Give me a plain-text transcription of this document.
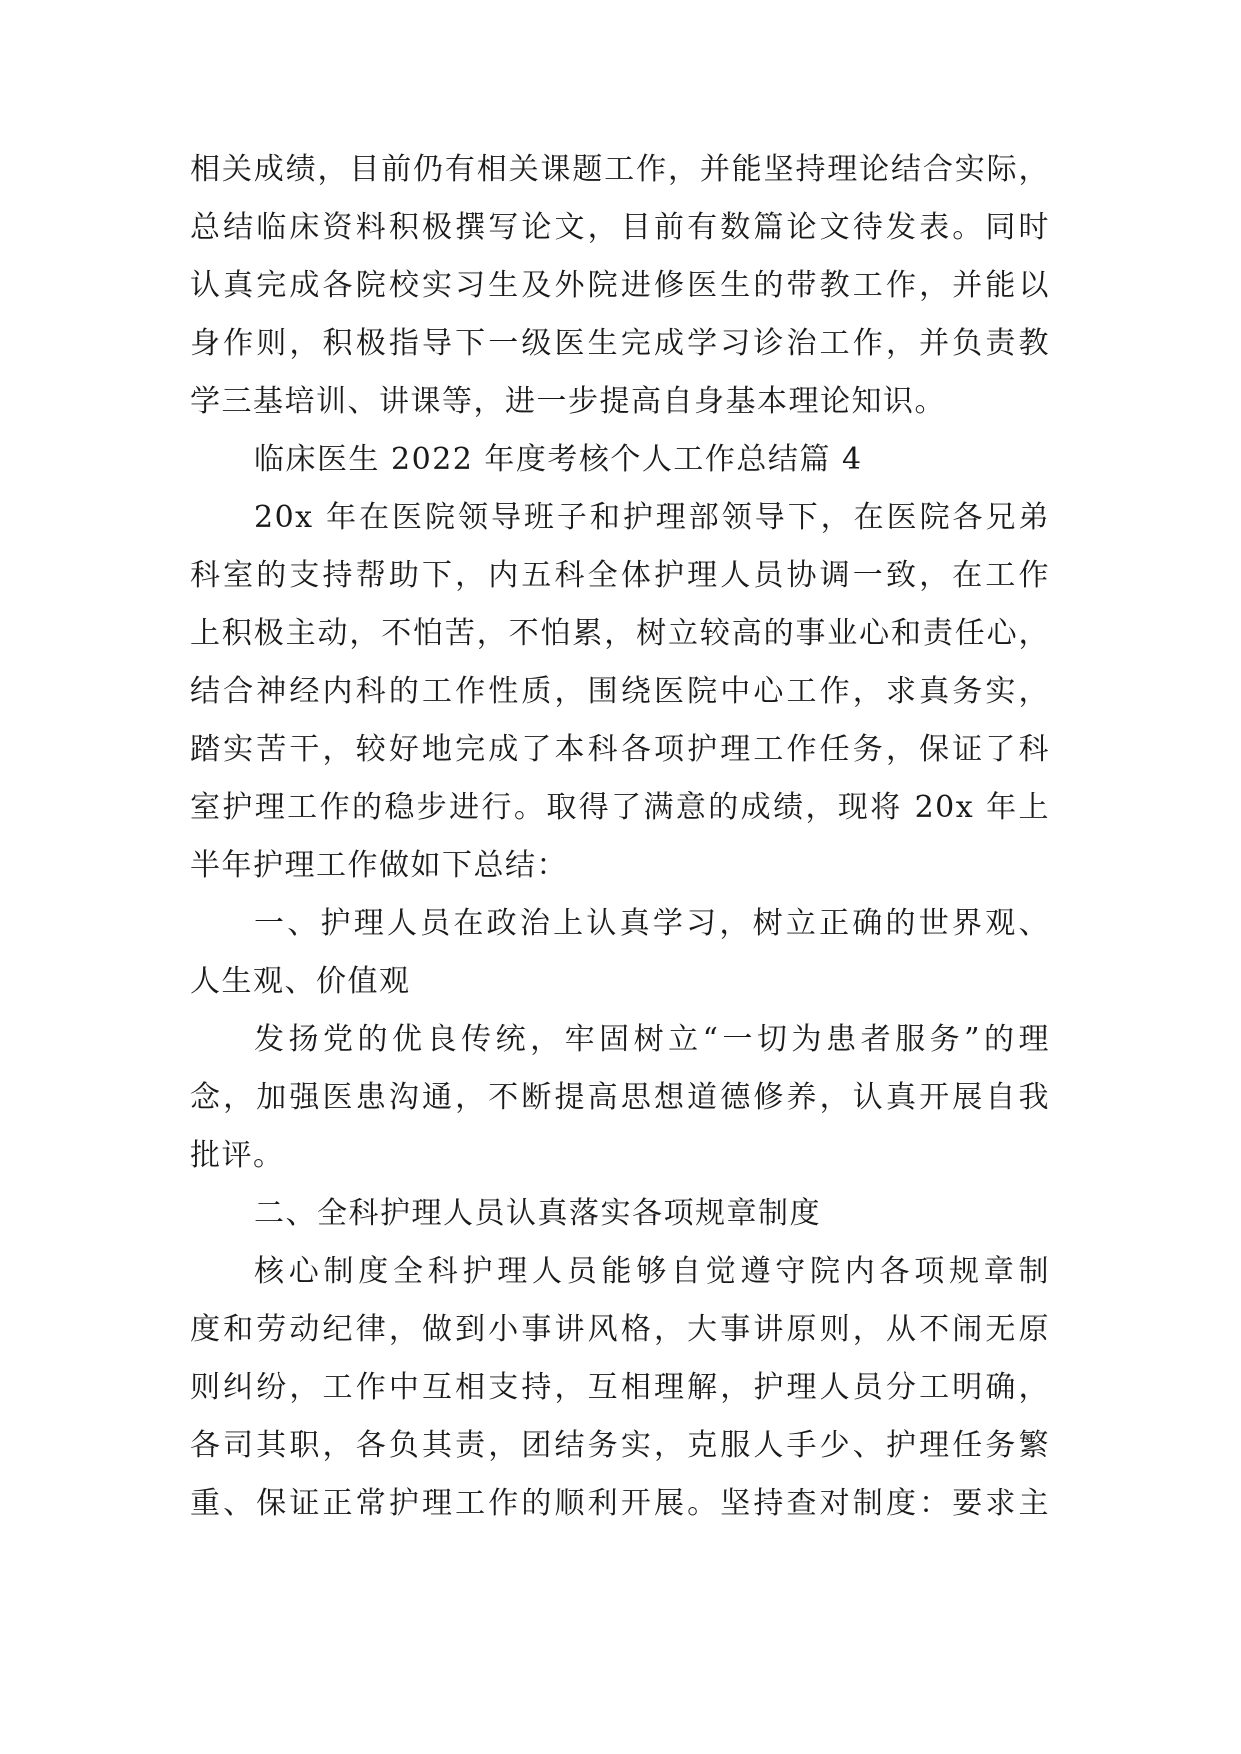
相关成绩，目前仍有相关课题工作，并能坚持理论结合实际，
总结临床资料积极撰写论文，目前有数篇论文待发表。同时
认真完成各院校实习生及外院进修医生的带教工作，并能以
身作则，积极指导下一级医生完成学习诊治工作，并负责教
学三基培训、讲课等，进一步提高自身基本理论知识。
临床医生 2022 年度考核个人工作总结篇 4
20x 年在医院领导班子和护理部领导下，在医院各兄弟
科室的支持帮助下，内五科全体护理人员协调一致，在工作
上积极主动，不怕苦，不怕累，树立较高的事业心和责任心，
结合神经内科的工作性质，围绕医院中心工作，求真务实，
踏实苦干，较好地完成了本科各项护理工作任务，保证了科
室护理工作的稳步进行。取得了满意的成绩，现将 20x 年上
半年护理工作做如下总结：
一、护理人员在政治上认真学习，树立正确的世界观、
人生观、价值观
发扬党的优良传统，牢固树立“一切为患者服务”的理
念，加强医患沟通，不断提高思想道德修养，认真开展自我
批评。
二、全科护理人员认真落实各项规章制度
核心制度全科护理人员能够自觉遵守院内各项规章制
度和劳动纪律，做到小事讲风格，大事讲原则，从不闹无原
则纠纷，工作中互相支持，互相理解，护理人员分工明确，
各司其职，各负其责，团结务实，克服人手少、护理任务繁
重、保证正常护理工作的顺利开展。坚持查对制度：要求主
